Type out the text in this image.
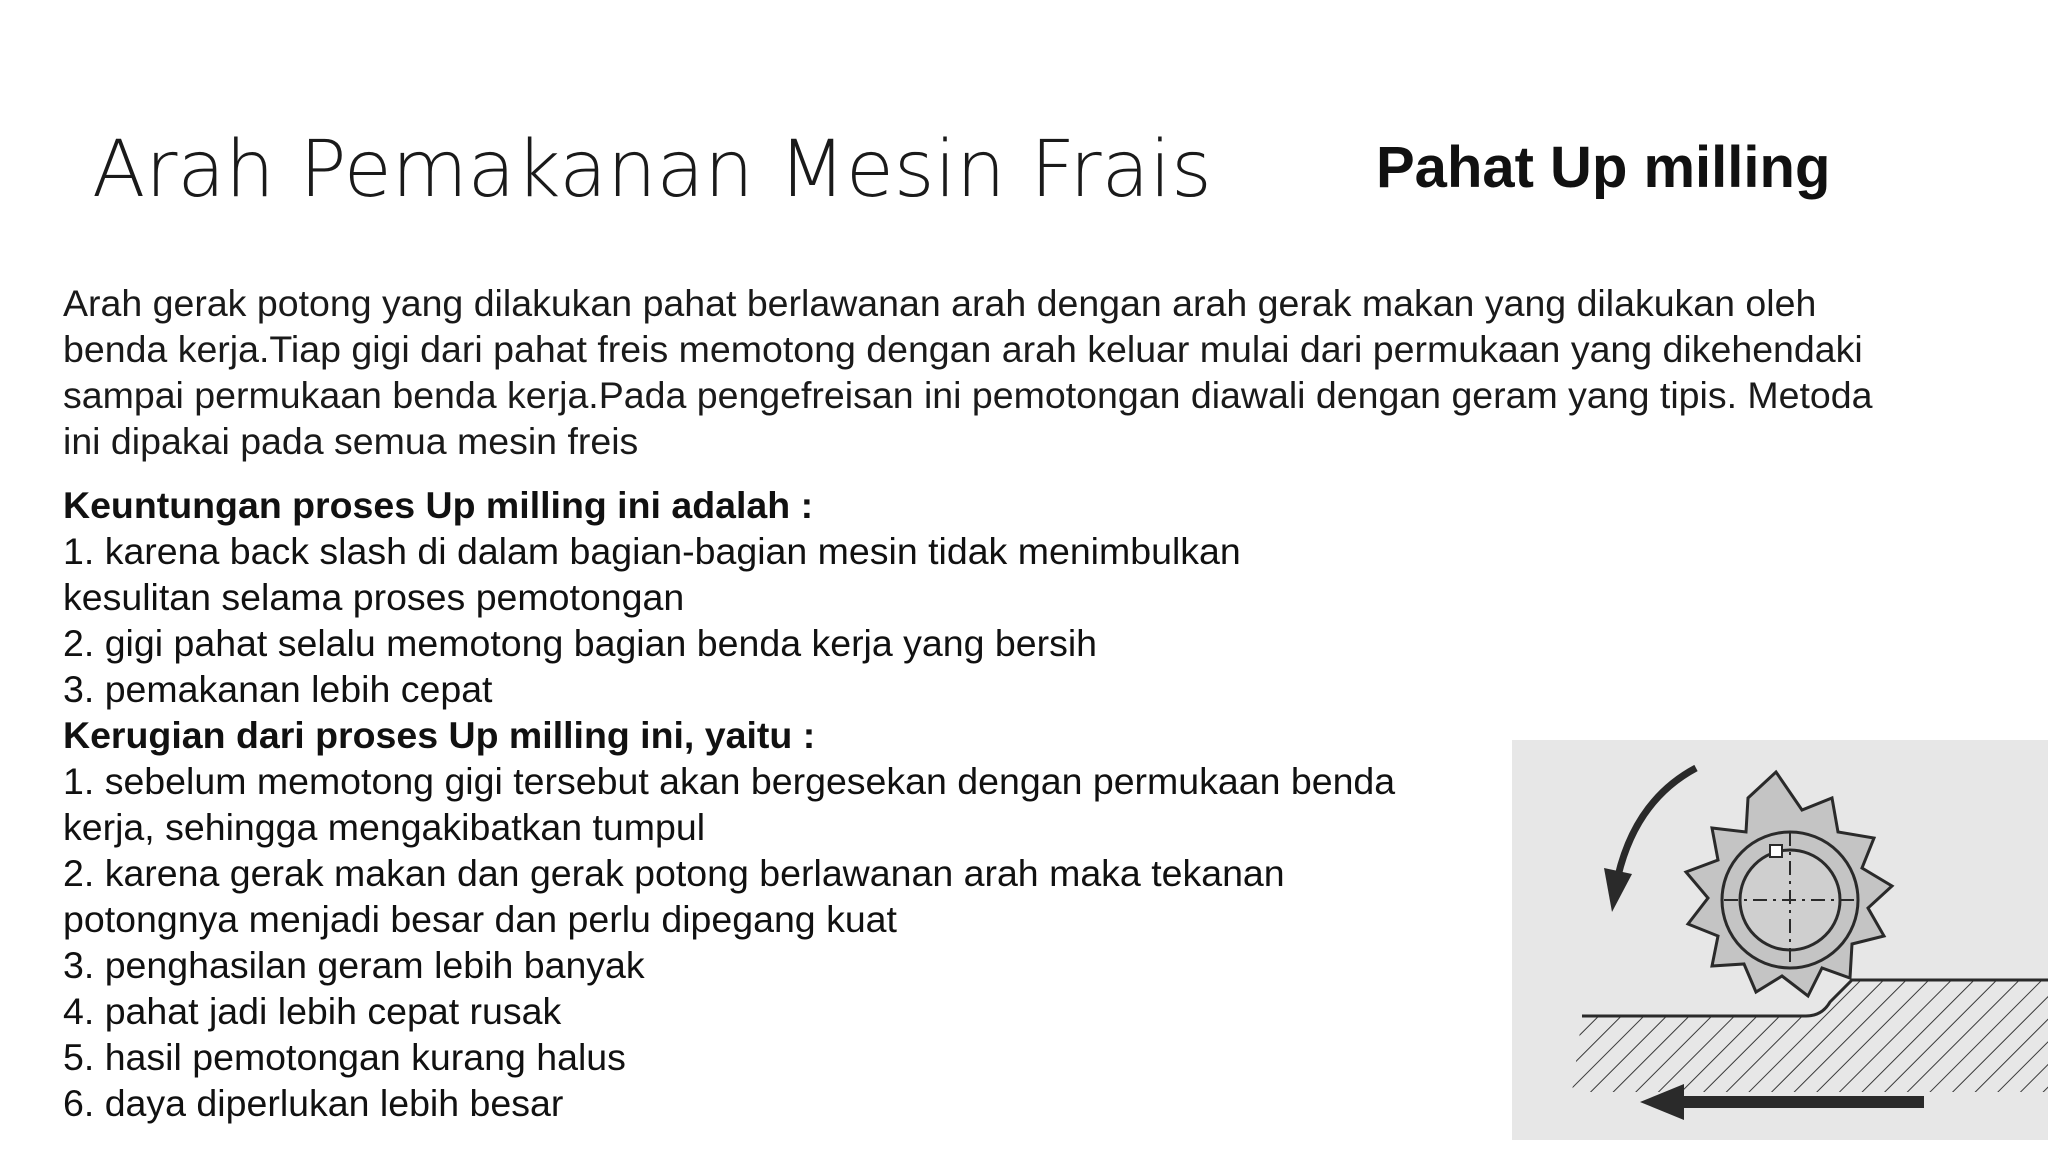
Arah Pemakanan Mesin Frais	Pahat Up milling
Arah gerak potong yang dilakukan pahat berlawanan arah dengan arah gerak makan yang dilakukan oleh
benda kerja.Tiap gigi dari pahat freis memotong dengan arah keluar mulai dari permukaan yang dikehendaki
sampai permukaan benda kerja.Pada pengefreisan ini pemotongan diawali dengan geram yang tipis. Metoda
ini dipakai pada semua mesin freis
Keuntungan proses Up milling ini adalah :
1. karena back slash di dalam bagian-bagian mesin tidak menimbulkan
kesulitan selama proses pemotongan
2. gigi pahat selalu memotong bagian benda kerja yang bersih
3. pemakanan lebih cepat
Kerugian dari proses Up milling ini, yaitu :
1. sebelum memotong gigi tersebut akan bergesekan dengan permukaan benda
kerja, sehingga mengakibatkan tumpul
2. karena gerak makan dan gerak potong berlawanan arah maka tekanan
potongnya menjadi besar dan perlu dipegang kuat
3. penghasilan geram lebih banyak
4. pahat jadi lebih cepat rusak
5. hasil pemotongan kurang halus
6. daya diperlukan lebih besar
